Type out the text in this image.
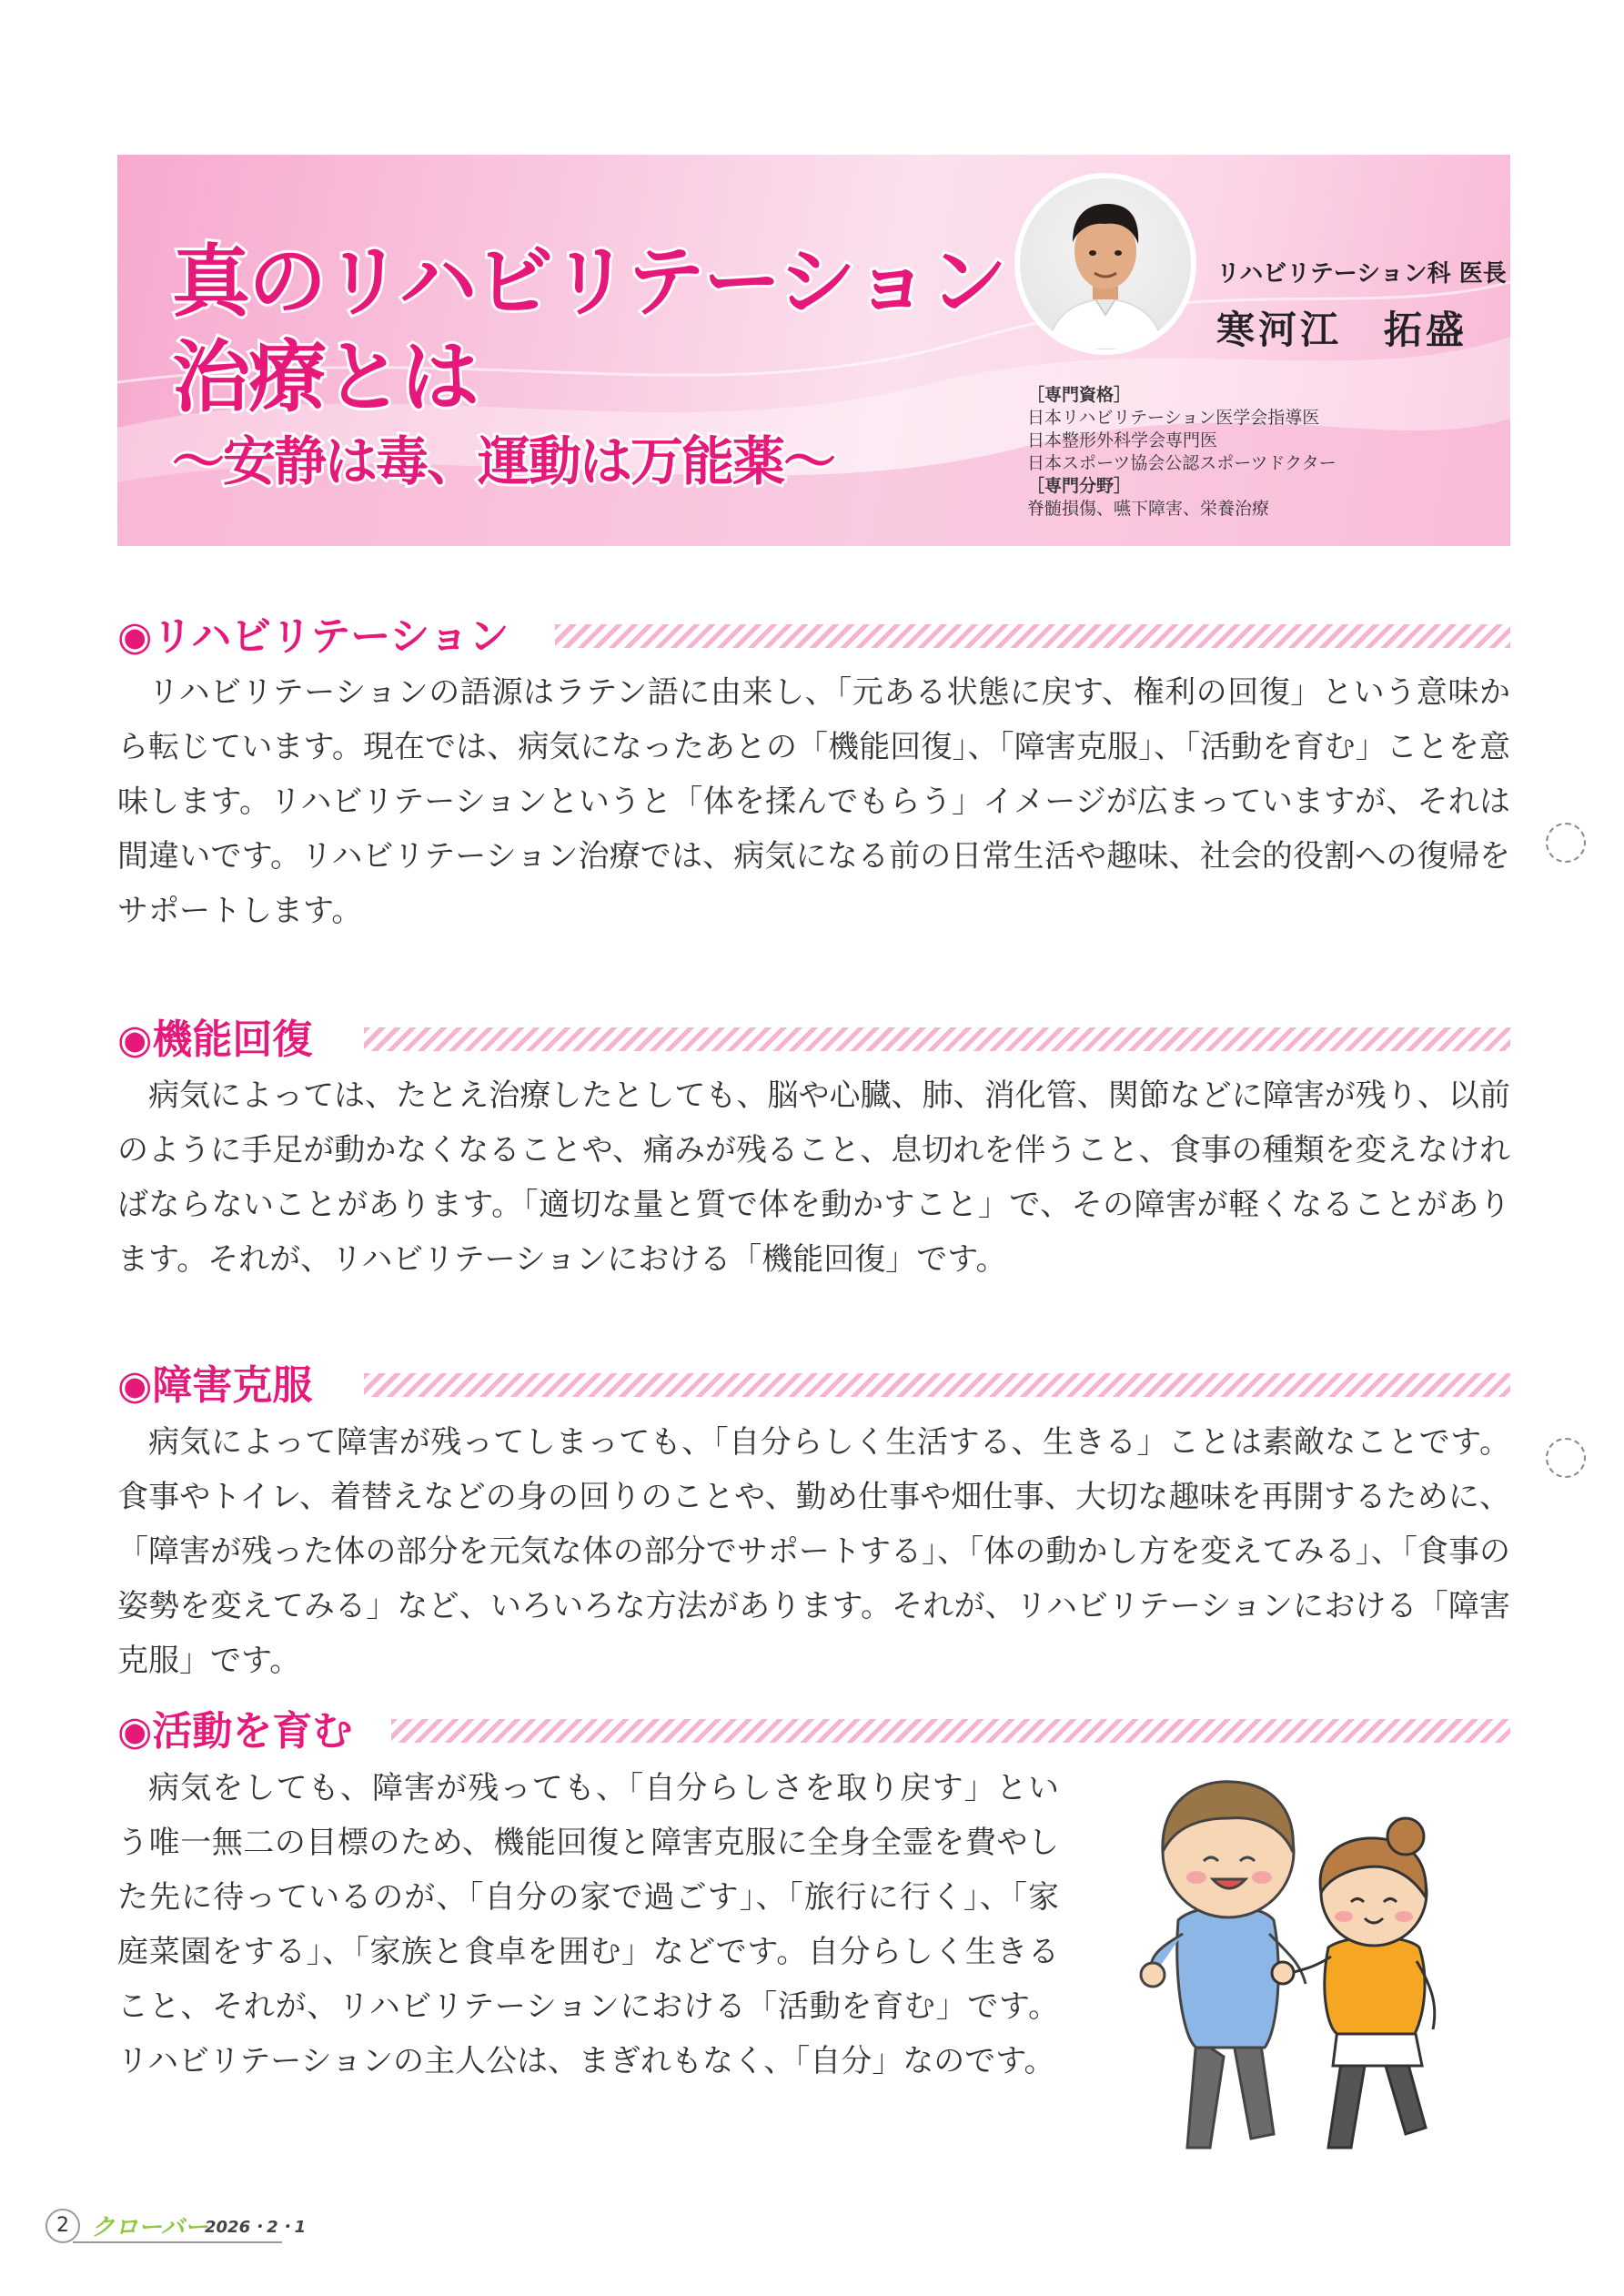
真のリハビリテーション
治療とは
～安静は毒、運動は万能薬～
リハビリテーション科 医長
寒河江　拓盛
［専門資格］
日本リハビリテーション医学会指導医
日本整形外科学会専門医
日本スポーツ協会公認スポーツドクター
［専門分野］
脊髄損傷、嚥下障害、栄養治療
◉リハビリテーション

リハビリテーションの語源はラテン語に由来し、「元ある状態に戻す、権利の回復」という意味から転じています。現在では、病気になったあとの「機能回復」、「障害克服」、「活動を育む」ことを意味します。リハビリテーションというと「体を揉んでもらう」イメージが広まっていますが、それは間違いです。リハビリテーション治療では、病気になる前の日常生活や趣味、社会的役割への復帰をサポートします。

◉機能回復

病気によっては、たとえ治療したとしても、脳や心臓、肺、消化管、関節などに障害が残り、以前のように手足が動かなくなることや、痛みが残ること、息切れを伴うこと、食事の種類を変えなければならないことがあります。「適切な量と質で体を動かすこと」で、その障害が軽くなることがあります。それが、リハビリテーションにおける「機能回復」です。

◉障害克服

病気によって障害が残ってしまっても、「自分らしく生活する、生きる」ことは素敵なことです。食事やトイレ、着替えなどの身の回りのことや、勤め仕事や畑仕事、大切な趣味を再開するために、「障害が残った体の部分を元気な体の部分でサポートする」、「体の動かし方を変えてみる」、「食事の姿勢を変えてみる」など、いろいろな方法があります。それが、リハビリテーションにおける「障害克服」です。

◉活動を育む

病気をしても、障害が残っても、「自分らしさを取り戻す」という唯一無二の目標のため、機能回復と障害克服に全身全霊を費やした先に待っているのが、「自分の家で過ごす」、「旅行に行く」、「家庭菜園をする」、「家族と食卓を囲む」などです。自分らしく生きること、それが、リハビリテーションにおける「活動を育む」です。リハビリテーションの主人公は、まぎれもなく、「自分」なのです。

2 クローバー
2026・2・1
